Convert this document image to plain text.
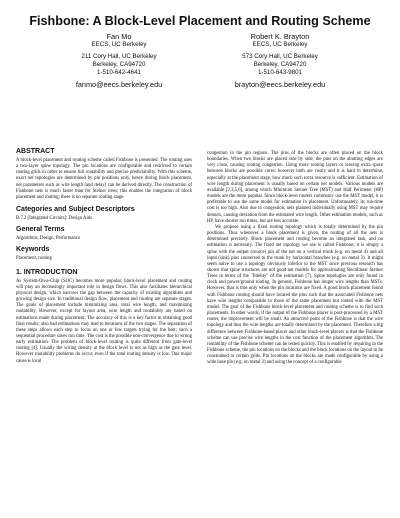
Fishbone: A Block-Level Placement and Routing Scheme
Fan Mo
EECS, UC Berkeley
211 Cory Hall, UC Berkeley
Berkeley, CA94720
1-510-642-4641
fanmo@eecs.berkeley.edu
Robert K. Brayton
EECS, UC Berkeley
573 Cory Hall, UC Berkeley
Berkeley, CA94720
1-510-643-9801
brayton@eecs.berkeley.edu
ABSTRACT

A block-level placement and routing scheme called Fishbone is presented. The routing uses a two-layer spine topology. The pin locations are configurable and restricted to certain routing grids in order to ensure full routability and precise predictability. With this scheme, exact net topologies are determined by pin positions only, hence during block placement, net parameters such as wire length (and delay) can be derived directly. The construction of Fishbone nets is much faster than for Steiner trees; this enables the integration of block placement and routing; there is no separate routing stage.

Categories and Subject Descriptors

B.7.2 [Integrated Circuits]: Design Aids

General Terms

Algorithms, Design, Performance

Keywords

Placement, routing

1. INTRODUCTION

As System-On-a-Chip (SOC) becomes more popular, block-level placement and routing will play an increasingly important role in design flows. This also facilitates hierarchical physical design, which narrows the gap between the capacity of existing algorithms and growing design size. In traditional design flow, placement and routing are separate stages. The goals of placement include minimizing area, total wire length, and maximizing routability. However, except for layout area, wire length and routability are based on estimations made during placement. The accuracy of this is a key factor in obtaining good final results; also bad estimations may lead to iterations of the two stages. The separation of these steps allows each step to focus on one or few targets trying for the best; such a sequential procedure saves run time. The cost is the possible non-convergence due to wrong early estimation. The problem of block-level routing is quite different from gate-level routing [4]. Usually the wiring density at the block level is not as high as the gate level. However routability problems do occur, even if the total routing density is low. One major cause is local

congestion in the pin regions. The pins of the blocks are often placed on the block boundaries. When two blocks are placed side by side, the pins on the abutting edges are very close, causing routing congestion. Using more routing layers or leaving extra space between blocks are possible cures; however both are costly and it is hard to determine, especially at the placement stage, how much such extra resource is sufficient. Estimation of wire length during placement is usually based on certain net models. Various models are available [2,3,5,6], among which Minimum Steiner Tree (MST) and Half Perimeter (HP) models are the more popular. Since block-level routers commonly use the MST model, it is preferable to use the same model for estimation in placement. Unfortunately, its run-time cost is too high. Also due to congestion, nets planned individually using MST may require detours, causing deviation from the estimated wire length. Other estimation models, such as HP, have shorter run times, but are less accurate.

We propose using a fixed routing topology which is totally determined by the pin positions. Thus whenever a block placement is given, the routing of all the nets is determined precisely. Block placement and routing become an integrated task, and no estimation is necessary. The fixed net topology we use is called Fishbone; it is simply a spine with the output (source) pin of the net on a vertical trunk (e.g. on metal 4) and all input (sink) pins connected to the trunk by horizontal branches (e.g. on metal 3). It might seem naive to use a topology obviously inferior to the MST since previous research has shown that spine structures are not good net models for approximating Rectilinear Steiner Trees in terms of the "fidelity" of the estimation [7]. Spine topologies are only found in clock and power/ground routing. In general, Fishbone has longer wire lengths than MSTs. However, that is true only when the pin locations are fixed. A good block placement found with Fishbone routing should have located the pins such that the associated Fishbone nets have wire lengths comparable to those of the same placement but routed with the MST model. The goal of the Fishbone block-level placement and routing scheme is to find such placements. In other words, if the output of the Fishbone placer is post-processed by a MST router, the improvement will be small. An attractive point of the Fishbone is that the wire topology and thus the wire lengths are totally determined by the placement. Therefore a big difference between Fishbone-based placer and other block-level placers is that the Fishbone scheme can use precise wire lengths in the cost function of the placement algorithm. The routability of the Fishbone scheme can be tested quickly. This is enabled by requiring in the Fishbone scheme, the pin locations on the blocks and the block locations on the layout to be constrained to certain grids. Pin locations on the blocks are made configurable by using a wide base pin (e.g. on metal 2) and using the concept of a configurable
